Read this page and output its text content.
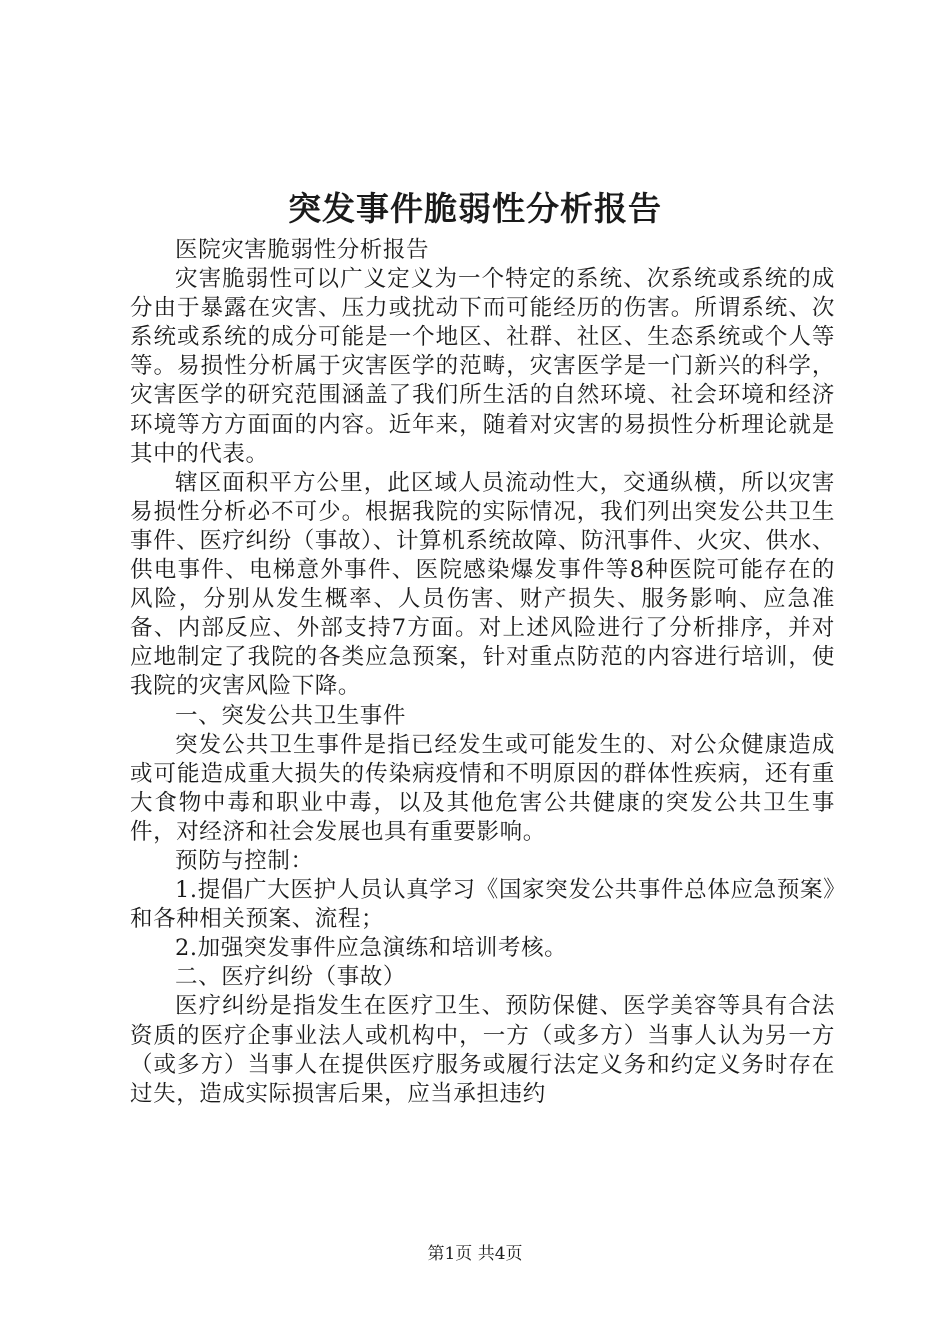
突发事件脆弱性分析报告

医院灾害脆弱性分析报告

灾害脆弱性可以广义定义为一个特定的系统、次系统或系统的成分由于暴露在灾害、压力或扰动下而可能经历的伤害。所谓系统、次系统或系统的成分可能是一个地区、社群、社区、生态系统或个人等等。易损性分析属于灾害医学的范畴，灾害医学是一门新兴的科学，灾害医学的研究范围涵盖了我们所生活的自然环境、社会环境和经济环境等方方面面的内容。近年来，随着对灾害的易损性分析理论就是其中的代表。

辖区面积平方公里，此区域人员流动性大，交通纵横，所以灾害易损性分析必不可少。根据我院的实际情况，我们列出突发公共卫生事件、医疗纠纷（事故）、计算机系统故障、防汛事件、火灾、供水、供电事件、电梯意外事件、医院感染爆发事件等8种医院可能存在的风险，分别从发生概率、人员伤害、财产损失、服务影响、应急准备、内部反应、外部支持7方面。对上述风险进行了分析排序，并对应地制定了我院的各类应急预案，针对重点防范的内容进行培训，使我院的灾害风险下降。

一、突发公共卫生事件

突发公共卫生事件是指已经发生或可能发生的、对公众健康造成或可能造成重大损失的传染病疫情和不明原因的群体性疾病，还有重大食物中毒和职业中毒，以及其他危害公共健康的突发公共卫生事件，对经济和社会发展也具有重要影响。

预防与控制：

1.提倡广大医护人员认真学习《国家突发公共事件总体应急预案》和各种相关预案、流程；

2.加强突发事件应急演练和培训考核。

二、医疗纠纷（事故）

医疗纠纷是指发生在医疗卫生、预防保健、医学美容等具有合法资质的医疗企事业法人或机构中，一方（或多方）当事人认为另一方（或多方）当事人在提供医疗服务或履行法定义务和约定义务时存在过失，造成实际损害后果，应当承担违约

第1页 共4页
